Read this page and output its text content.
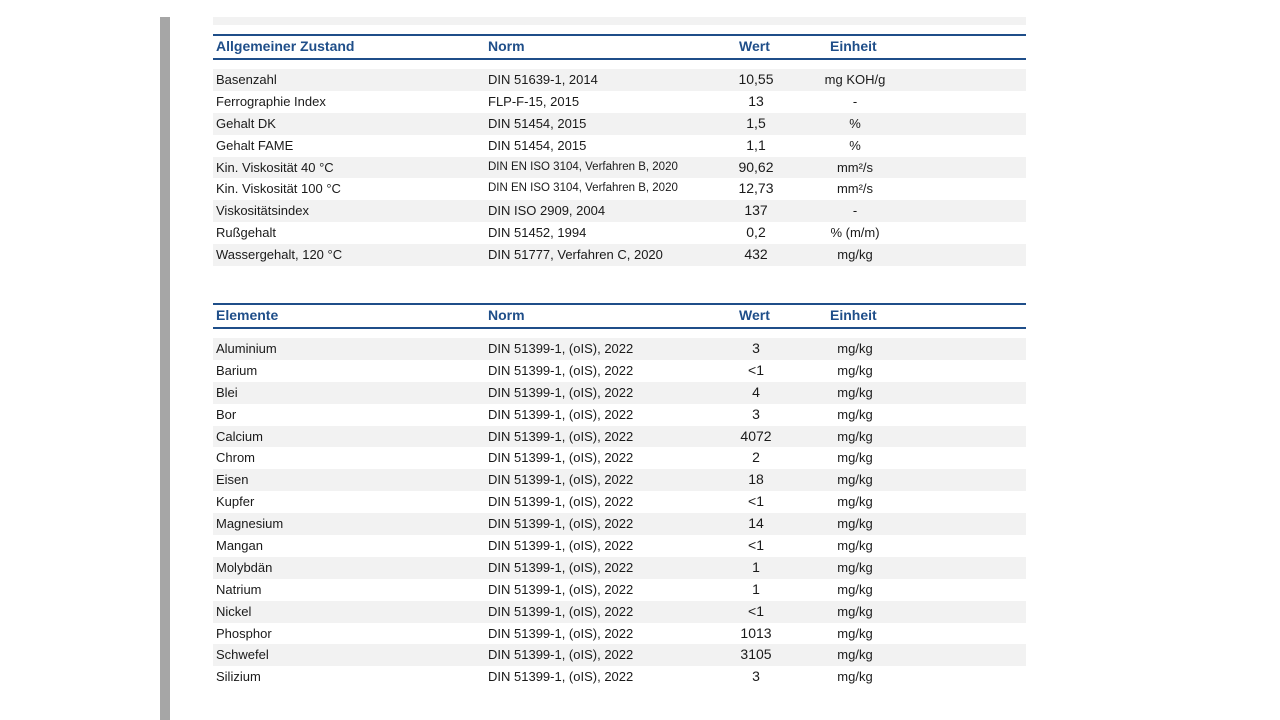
Allgemeiner Zustand	Norm	Wert	Einheit
Basenzahl	DIN 51639-1, 2014	10,55	mg KOH/g
Ferrographie Index	FLP-F-15, 2015	13	-
Gehalt DK	DIN 51454, 2015	1,5	%
Gehalt FAME	DIN 51454, 2015	1,1	%
Kin. Viskosität 40 °C	DIN EN ISO 3104, Verfahren B, 2020	90,62	mm²/s
Kin. Viskosität 100 °C	DIN EN ISO 3104, Verfahren B, 2020	12,73	mm²/s
Viskositätsindex	DIN ISO 2909, 2004	137	-
Rußgehalt	DIN 51452, 1994	0,2	% (m/m)
Wassergehalt, 120 °C	DIN 51777, Verfahren C, 2020	432	mg/kg
Elemente	Norm	Wert	Einheit
Aluminium	DIN 51399-1, (oIS), 2022	3	mg/kg
Barium	DIN 51399-1, (oIS), 2022	<1	mg/kg
Blei	DIN 51399-1, (oIS), 2022	4	mg/kg
Bor	DIN 51399-1, (oIS), 2022	3	mg/kg
Calcium	DIN 51399-1, (oIS), 2022	4072	mg/kg
Chrom	DIN 51399-1, (oIS), 2022	2	mg/kg
Eisen	DIN 51399-1, (oIS), 2022	18	mg/kg
Kupfer	DIN 51399-1, (oIS), 2022	<1	mg/kg
Magnesium	DIN 51399-1, (oIS), 2022	14	mg/kg
Mangan	DIN 51399-1, (oIS), 2022	<1	mg/kg
Molybdän	DIN 51399-1, (oIS), 2022	1	mg/kg
Natrium	DIN 51399-1, (oIS), 2022	1	mg/kg
Nickel	DIN 51399-1, (oIS), 2022	<1	mg/kg
Phosphor	DIN 51399-1, (oIS), 2022	1013	mg/kg
Schwefel	DIN 51399-1, (oIS), 2022	3105	mg/kg
Silizium	DIN 51399-1, (oIS), 2022	3	mg/kg
